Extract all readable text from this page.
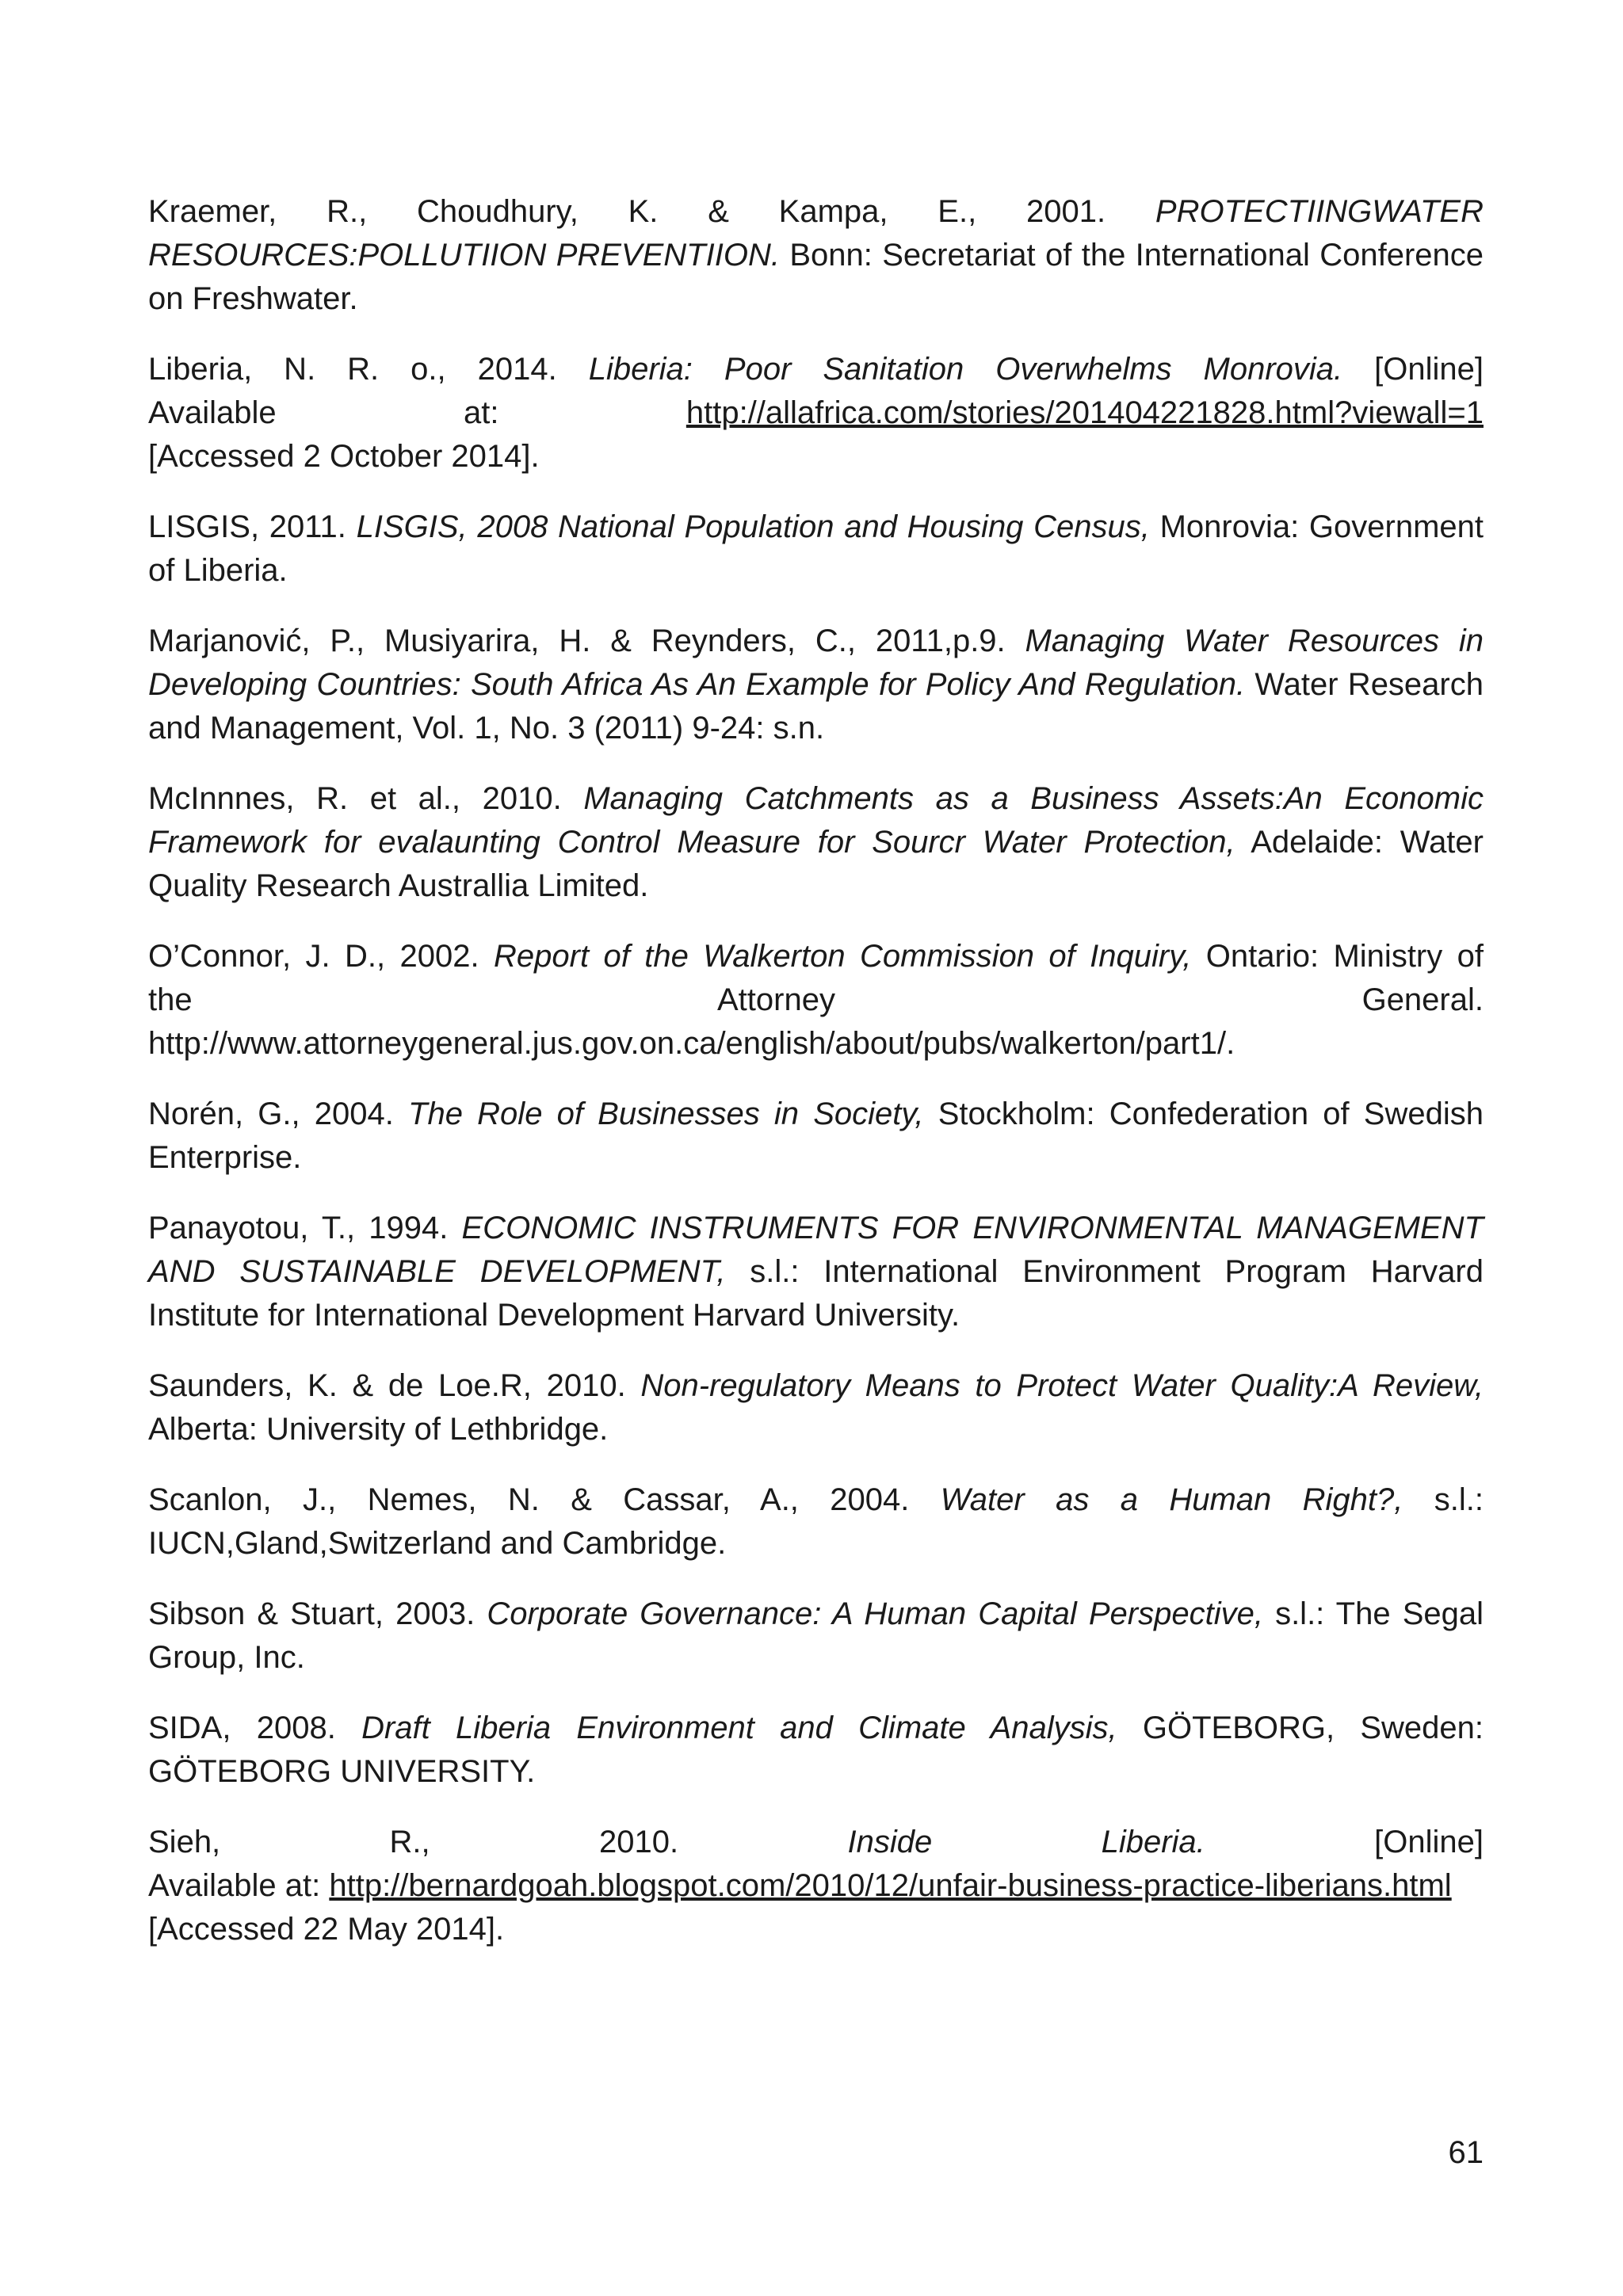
Kraemer, R., Choudhury, K. & Kampa, E., 2001. PROTECTIINGWATER RESOURCES:POLLUTIION PREVENTIION. Bonn: Secretariat of the International Conference on Freshwater.

Liberia, N. R. o., 2014. Liberia: Poor Sanitation Overwhelms Monrovia. [Online]
Available	at:	http://allafrica.com/stories/201404221828.html?viewall=1
[Accessed 2 October 2014].

LISGIS, 2011. LISGIS, 2008 National Population and Housing Census, Monrovia: Government of Liberia.

Marjanović, P., Musiyarira, H. & Reynders, C., 2011,p.9. Managing Water Resources in Developing Countries: South Africa As An Example for Policy And Regulation. Water Research and Management, Vol. 1, No. 3 (2011) 9-24: s.n.

McInnnes, R. et al., 2010. Managing Catchments as a Business Assets:An Economic Framework for evalaunting Control Measure for Sourcr Water Protection, Adelaide: Water Quality Research Australlia Limited.

O’Connor, J. D., 2002. Report of the Walkerton Commission of Inquiry, Ontario: Ministry of
the Attorney General.
http://www.attorneygeneral.jus.gov.on.ca/english/about/pubs/walkerton/part1/.

Norén, G., 2004. The Role of Businesses in Society, Stockholm: Confederation of Swedish Enterprise.

Panayotou, T., 1994. ECONOMIC INSTRUMENTS FOR ENVIRONMENTAL MANAGEMENT AND SUSTAINABLE DEVELOPMENT, s.l.: International Environment Program Harvard Institute for International Development Harvard University.

Saunders, K. & de Loe.R, 2010. Non-regulatory Means to Protect Water Quality:A Review, Alberta: University of Lethbridge.

Scanlon, J., Nemes, N. & Cassar, A., 2004. Water as a Human Right?, s.l.: IUCN,Gland,Switzerland and Cambridge.

Sibson & Stuart, 2003. Corporate Governance: A Human Capital Perspective, s.l.: The Segal Group, Inc.

SIDA, 2008. Draft Liberia Environment and Climate Analysis, GÖTEBORG, Sweden: GÖTEBORG UNIVERSITY.

Sieh, R., 2010. Inside Liberia. [Online]
Available at: http://bernardgoah.blogspot.com/2010/12/unfair-business-practice-liberians.html
[Accessed 22 May 2014].

61
